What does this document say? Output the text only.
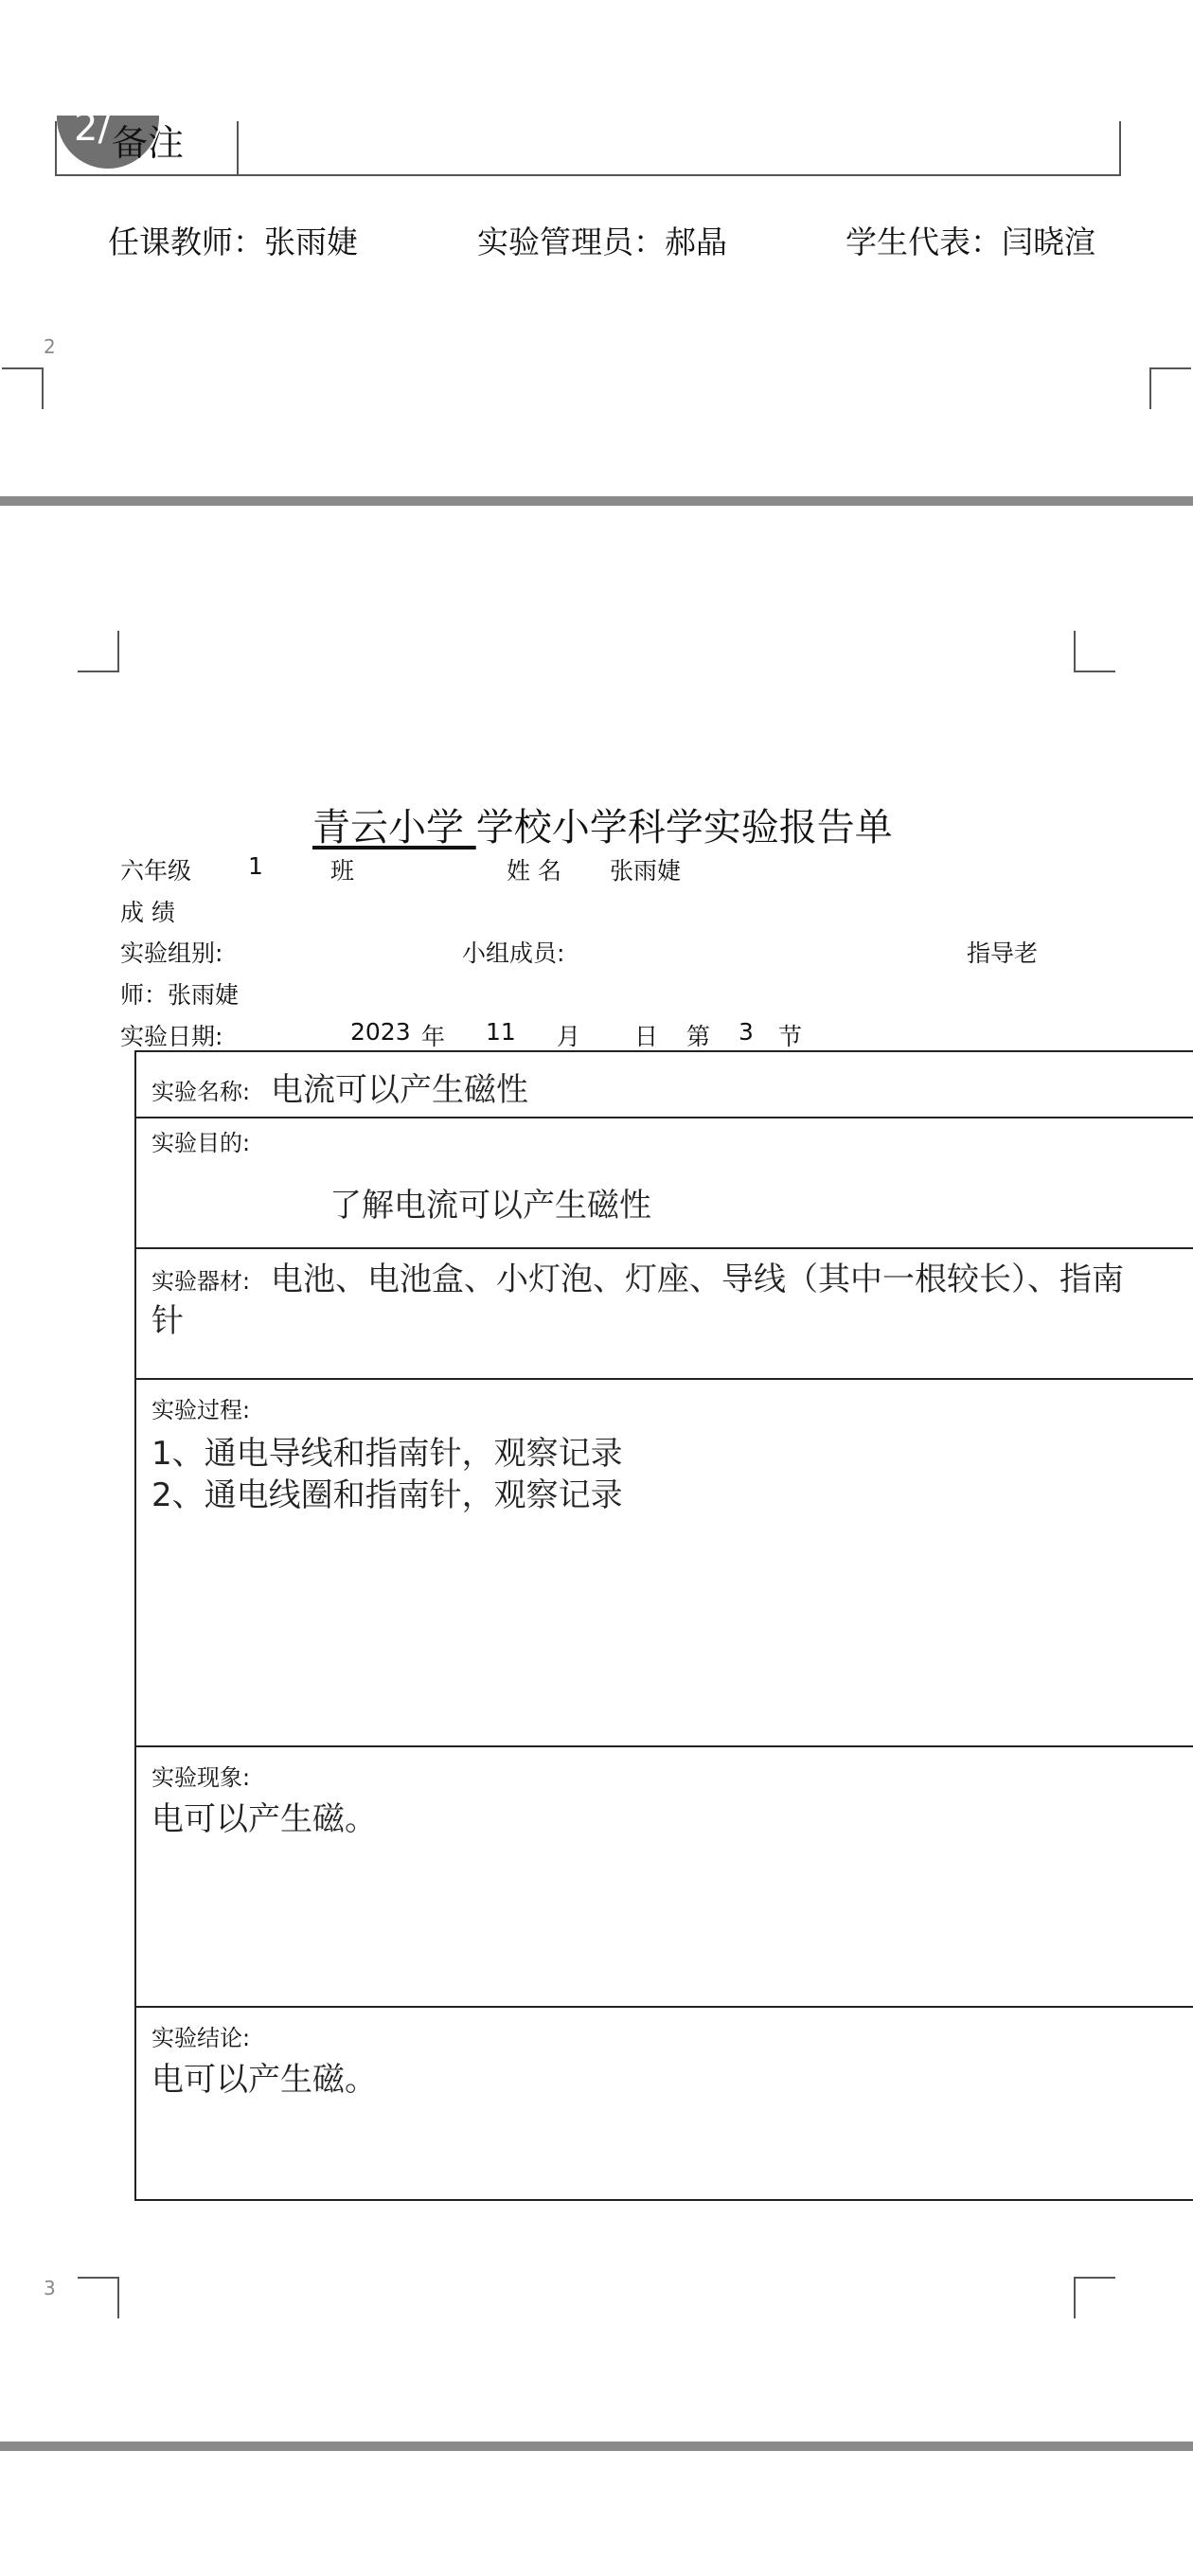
2/ 备注
任课教师：张雨婕	实验管理员：郝晶	学生代表：闫晓渲
2
青云小学 学校小学科学实验报告单
六年级 1	班	姓 名 张雨婕
成 绩
实验组别:	小组成员:	指导老
师：张雨婕
实验日期:	2023 年 11 月 日 第 3 节
实验名称: 电流可以产生磁性
实验目的:
了解电流可以产生磁性
实验器材: 电池、电池盒、小灯泡、灯座、导线（其中一根较长）、指南
针
实验过程:
1、通电导线和指南针，观察记录
2、通电线圈和指南针，观察记录
实验现象:
电可以产生磁。
实验结论:
电可以产生磁。
3
